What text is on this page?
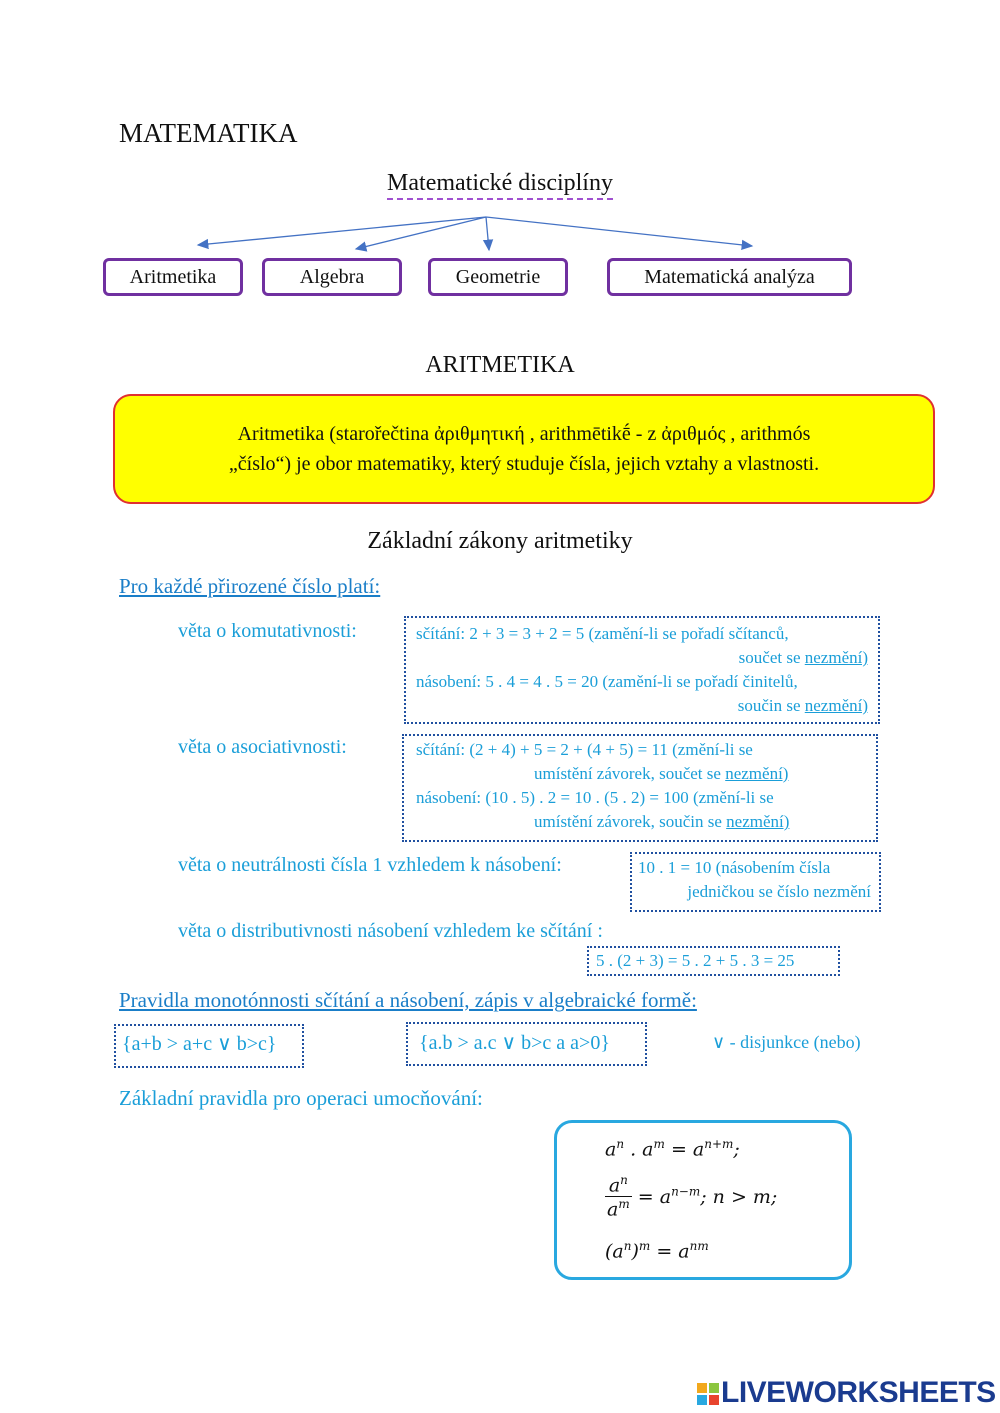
MATEMATIKA
Matematické disciplíny
Aritmetika	Algebra	Geometrie	Matematická analýza
ARITMETIKA
Aritmetika (starořečtina ἀριθμητική , arithmētikḗ - z ἀριθμός , arithmós
„číslo“) je obor matematiky, který studuje čísla, jejich vztahy a vlastnosti.
Základní zákony aritmetiky
Pro každé přirozené číslo platí:
věta o komutativnosti:	sčítání: 2 + 3 = 3 + 2 = 5 (zamění-li se pořadí sčítanců,
součet se nezmění)
násobení: 5 . 4 = 4 . 5 = 20 (zamění-li se pořadí činitelů,
součin se nezmění)
věta o asociativnosti:	sčítání: (2 + 4) + 5 = 2 + (4 + 5) = 11 (změní-li se
umístění závorek, součet se nezmění)
násobení: (10 . 5) . 2 = 10 . (5 . 2) = 100 (změní-li se
umístění závorek, součin se nezmění)
věta o neutrálnosti čísla 1 vzhledem k násobení:	10 . 1 = 10 (násobením čísla
jedničkou se číslo nezmění
věta o distributivnosti násobení vzhledem ke sčítání :
5 . (2 + 3) = 5 . 2 + 5 . 3 = 25
Pravidla monotónnosti sčítání a násobení, zápis v algebraické formě:
{a+b > a+c ∨ b>c}	{a.b > a.c ∨ b>c a a>0}	∨ - disjunkce (nebo)
Základní pravidla pro operaci umocňování:
$a^n$ . $a^m = a^{n+m}$;
$\frac{a^n}{a^m} = a^{n-m}$; n > m;
$(a^n)^m = a^{nm}$
LIVEWORKSHEETS
